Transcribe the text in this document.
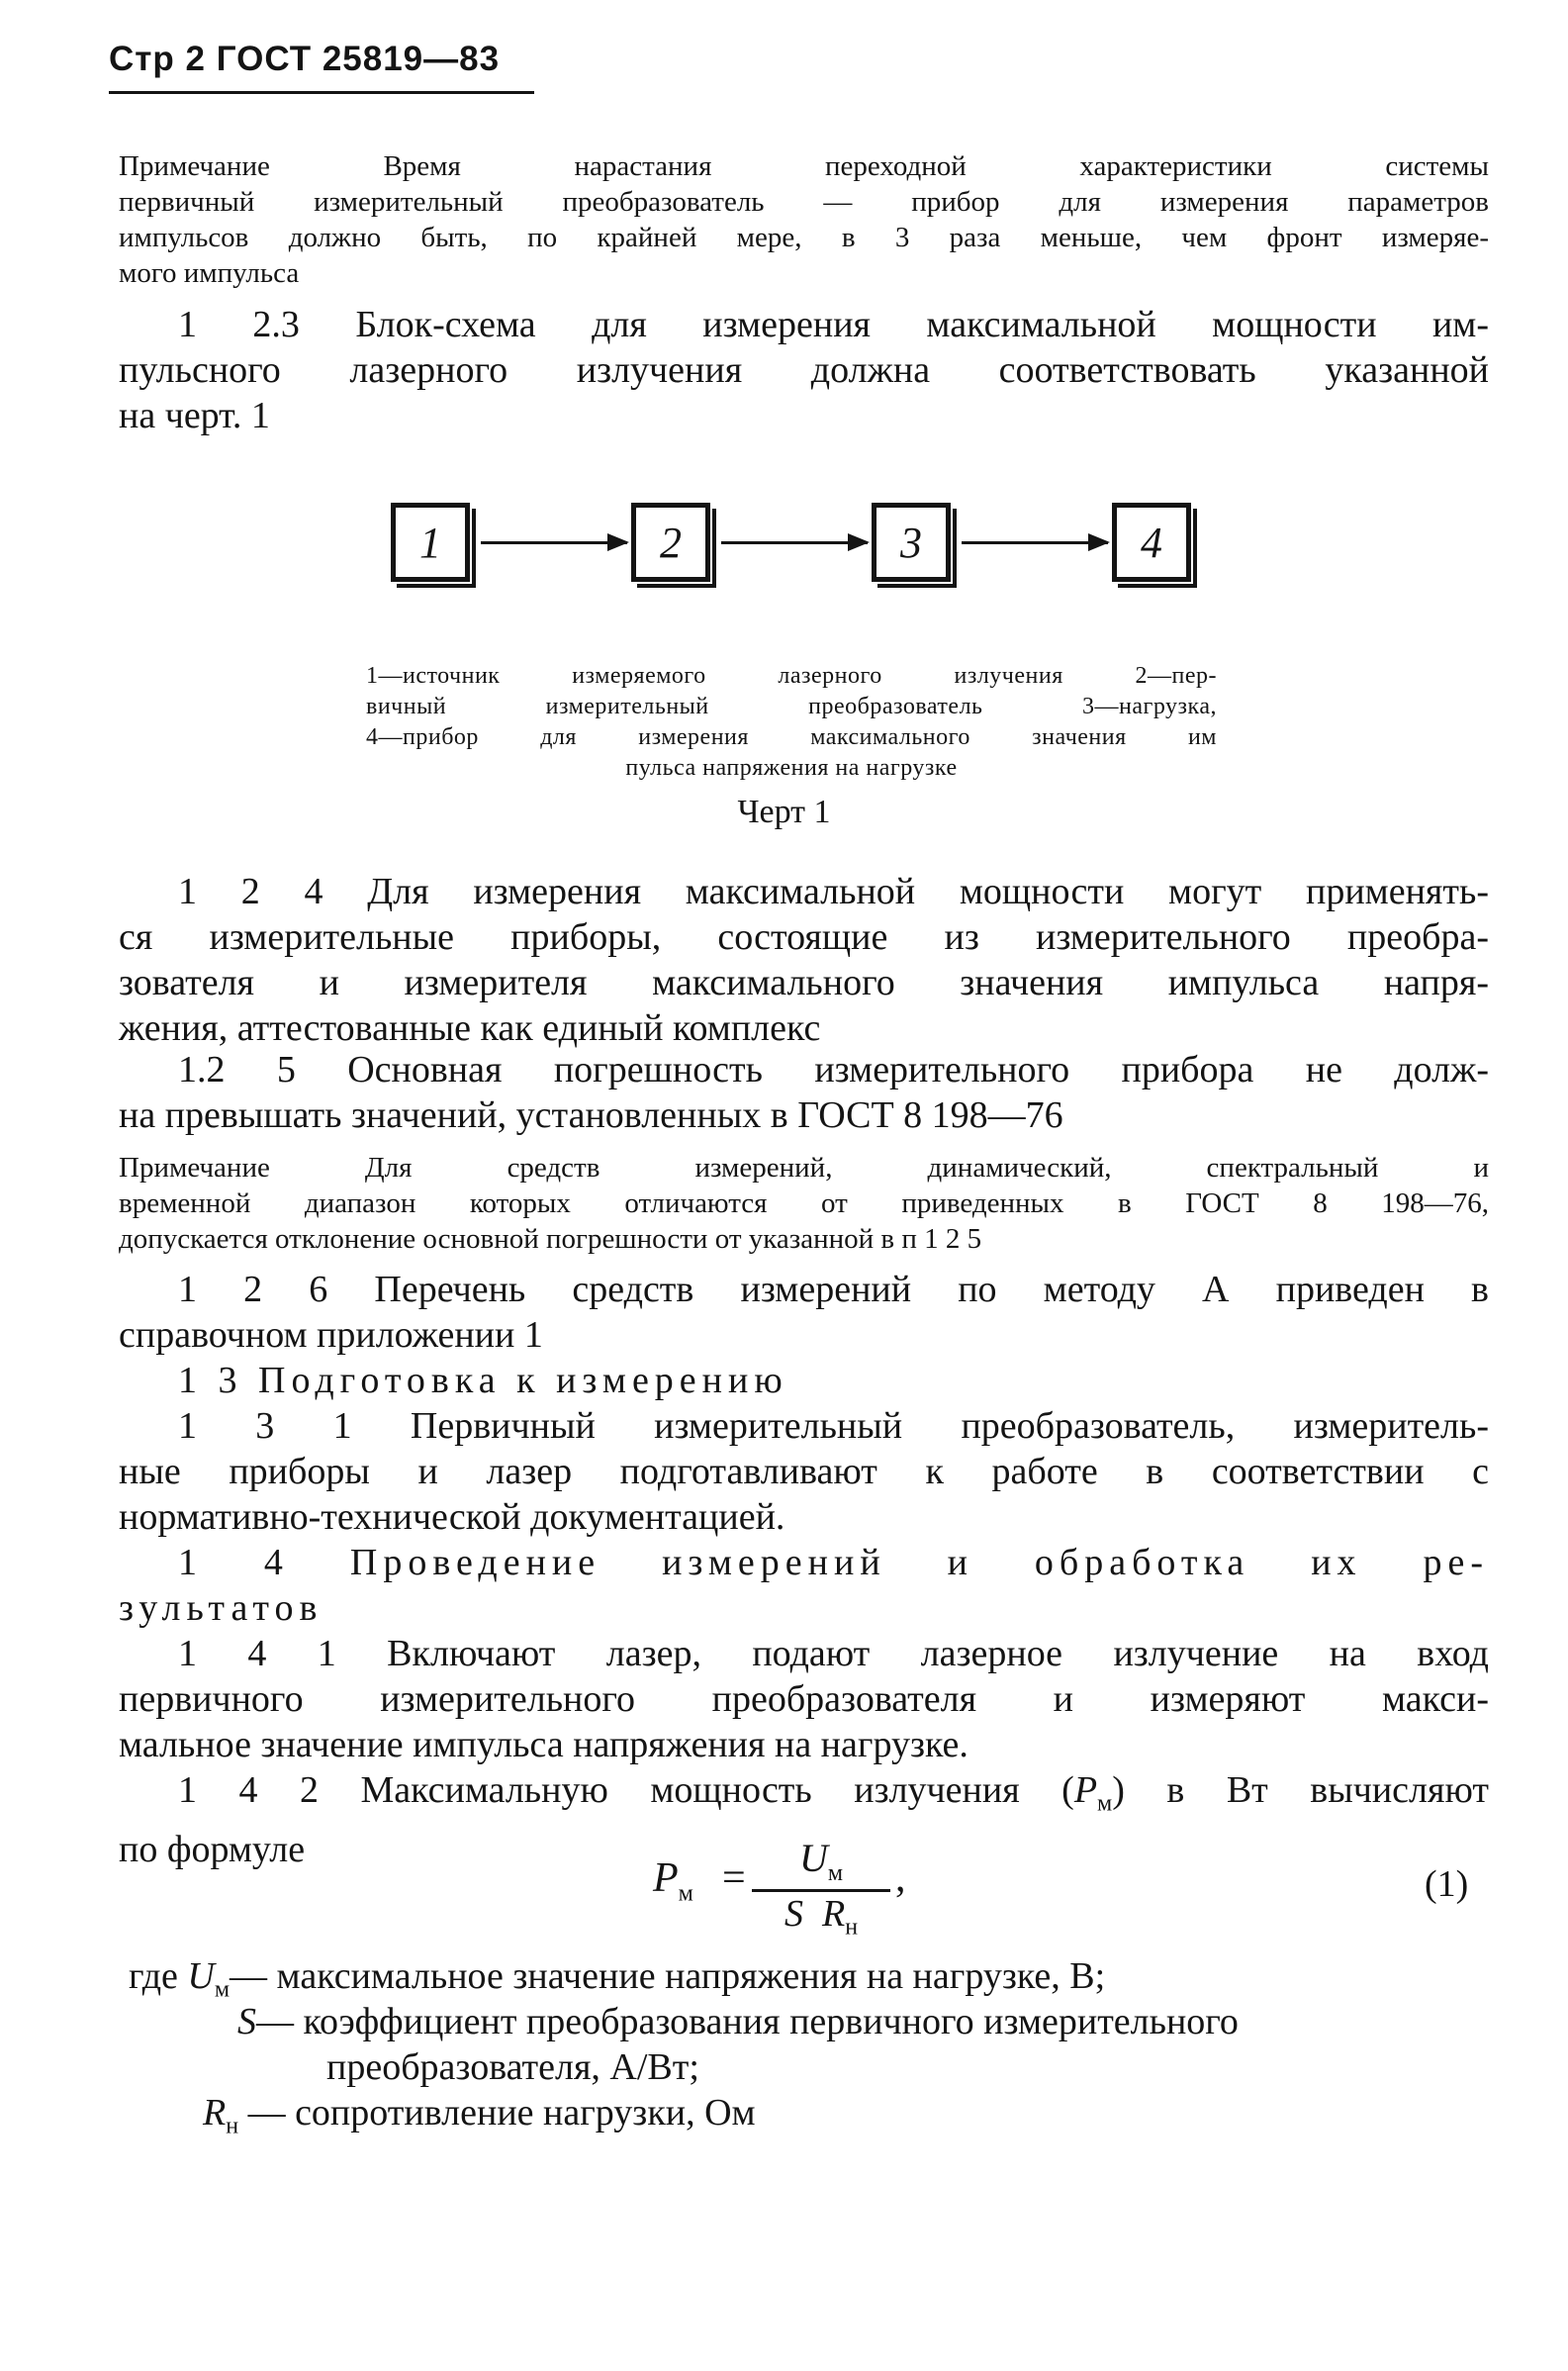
Стр 2 ГОСТ 25819—83
Примечание Время нарастания переходной характеристики системы
первичный измерительный преобразователь — прибор для измерения параметров
импульсов должно быть, по крайней мере, в 3 раза меньше, чем фронт измеряе-
мого импульса
1 2.3 Блок-схема для измерения максимальной мощности им-
пульсного лазерного излучения должна соответствовать указанной
на черт. 1
1	2	3	4
1—источник измеряемого лазерного излучения 2—пер-
вичный измерительный преобразователь 3—нагрузка,
4—прибор для измерения максимального значения им
пульса напряжения на нагрузке
Черт 1
1 2 4 Для измерения максимальной мощности могут применять-
ся измерительные приборы, состоящие из измерительного преобра-
зователя и измерителя максимального значения импульса напря-
жения, аттестованные как единый комплекс
1.2 5 Основная погрешность измерительного прибора не долж-
на превышать значений, установленных в ГОСТ 8 198—76
Примечание Для средств измерений, динамический, спектральный и
временной диапазон которых отличаются от приведенных в ГОСТ 8 198—76,
допускается отклонение основной погрешности от указанной в п 1 2 5
1 2 6 Перечень средств измерений по методу А приведен в
справочном приложении 1
1 3 Подготовка к измерению
1 3 1 Первичный измерительный преобразователь, измеритель-
ные приборы и лазер подготавливают к работе в соответствии с
нормативно-технической документацией.
1 4 Проведение измерений и обработка их ре-
зультатов
1 4 1 Включают лазер, подают лазерное излучение на вход
первичного измерительного преобразователя и измеряют макси-
мальное значение импульса напряжения на нагрузке.
1 4 2 Максимальную мощность излучения $(P_м)$ в Вт вычисляют
по формуле
$P_м$ =	$U_м$
S $R_н$
,	(1)
где $U_м—$ максимальное значение напряжения на нагрузке, В;
S— коэффициент преобразования первичного измерительного
преобразователя, А/Вт;
$R_н$ — сопротивление нагрузки, Ом
